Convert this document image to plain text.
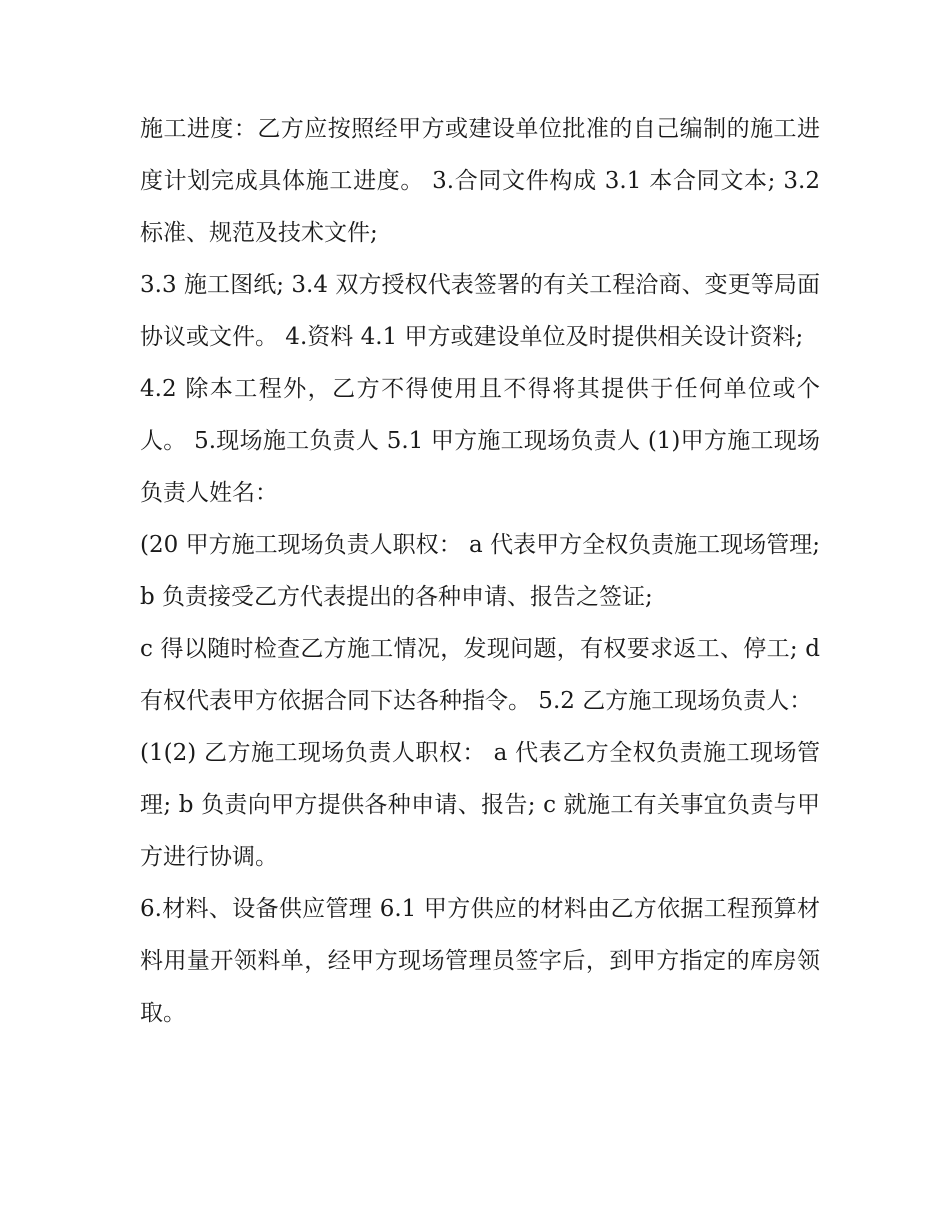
施工进度：乙方应按照经甲方或建设单位批准的自己编制的施工进度计划完成具体施工进度。 3.合同文件构成 3.1 本合同文本; 3.2 标准、规范及技术文件;

3.3 施工图纸; 3.4 双方授权代表签署的有关工程洽商、变更等局面协议或文件。 4.资料 4.1 甲方或建设单位及时提供相关设计资料;

4.2 除本工程外，乙方不得使用且不得将其提供于任何单位或个人。 5.现场施工负责人 5.1 甲方施工现场负责人 (1)甲方施工现场负责人姓名：

(20 甲方施工现场负责人职权： a 代表甲方全权负责施工现场管理; b 负责接受乙方代表提出的各种申请、报告之签证;

c 得以随时检查乙方施工情况，发现问题，有权要求返工、停工; d 有权代表甲方依据合同下达各种指令。 5.2 乙方施工现场负责人：

(1(2) 乙方施工现场负责人职权： a 代表乙方全权负责施工现场管理; b 负责向甲方提供各种申请、报告; c 就施工有关事宜负责与甲方进行协调。

6.材料、设备供应管理 6.1 甲方供应的材料由乙方依据工程预算材料用量开领料单，经甲方现场管理员签字后，到甲方指定的库房领取。
